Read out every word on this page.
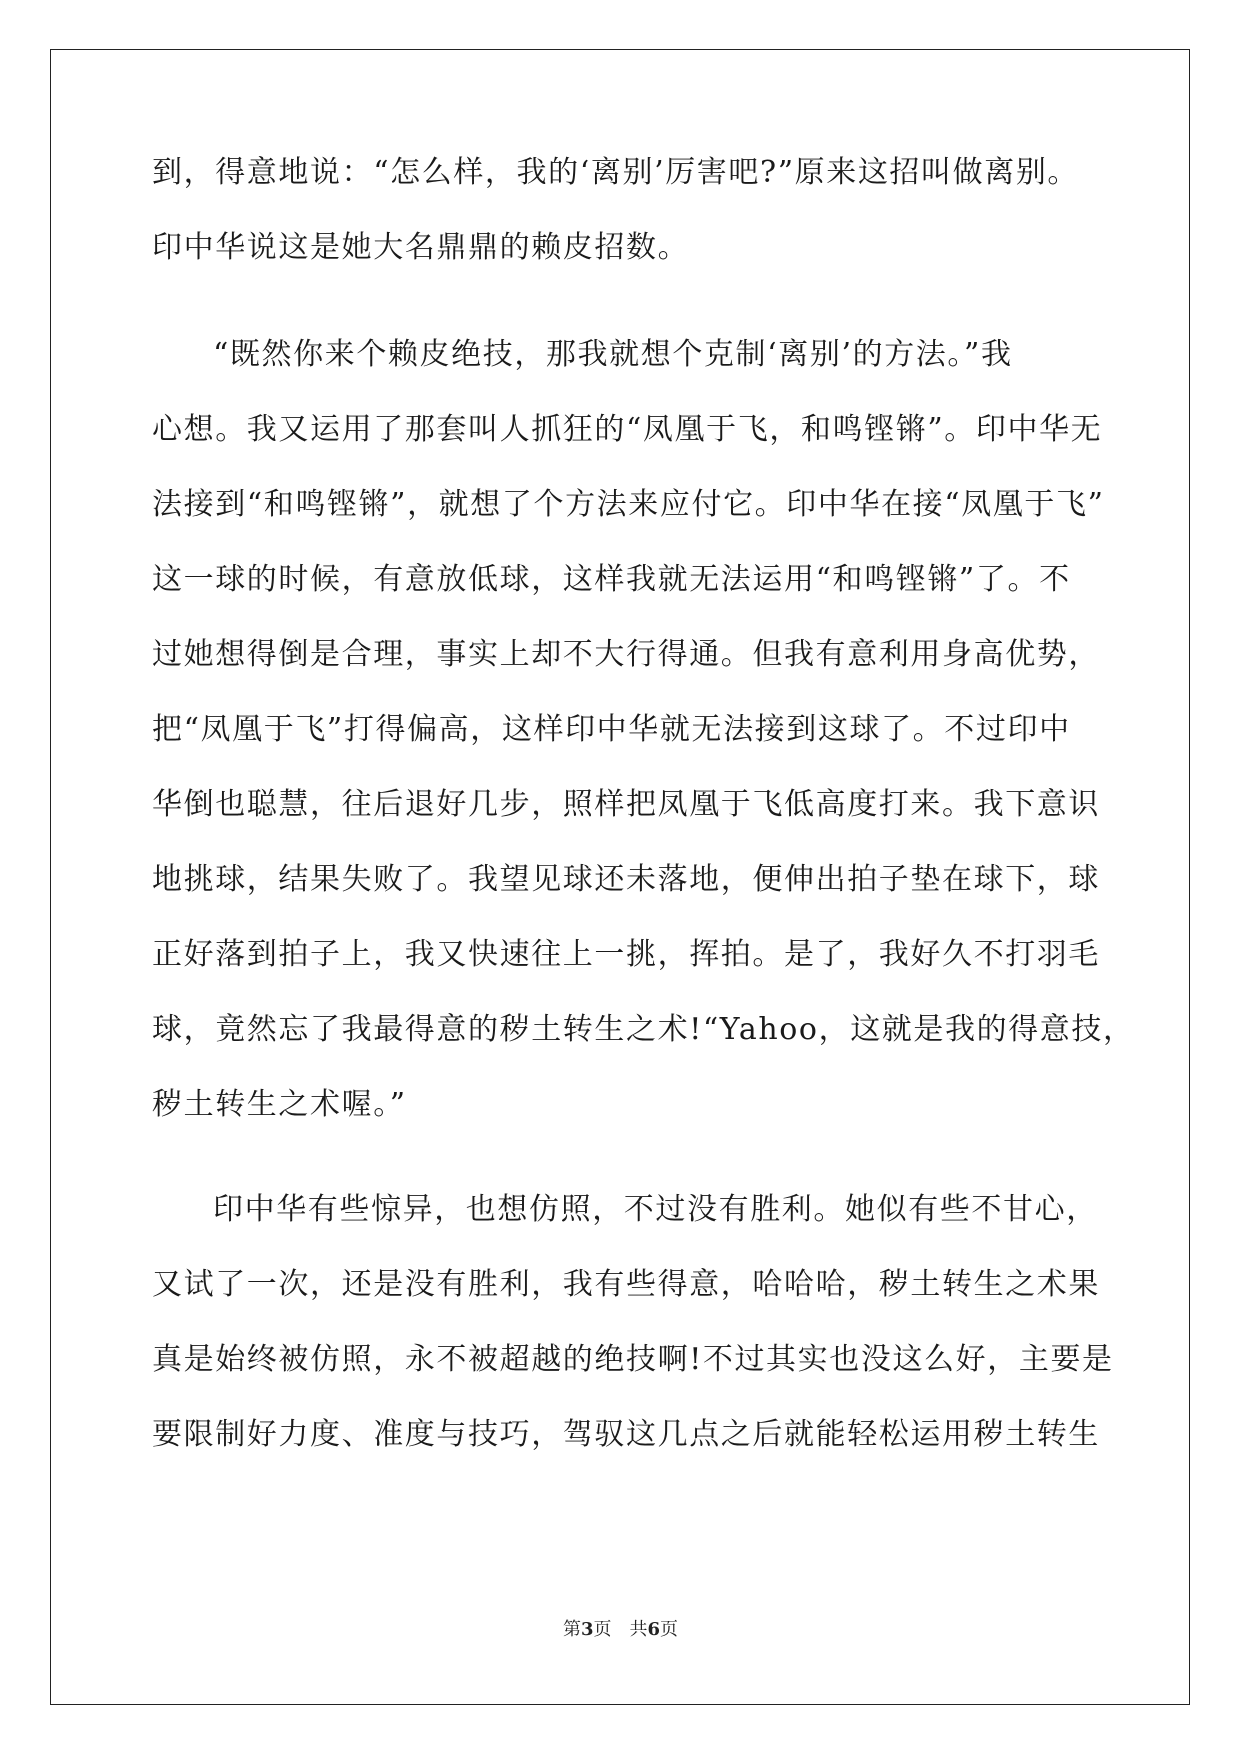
到，得意地说：“怎么样，我的‘离别’厉害吧?”原来这招叫做离别。

印中华说这是她大名鼎鼎的赖皮招数。

“既然你来个赖皮绝技，那我就想个克制‘离别’的方法。”我

心想。我又运用了那套叫人抓狂的“凤凰于飞，和鸣铿锵”。印中华无

法接到“和鸣铿锵”，就想了个方法来应付它。印中华在接“凤凰于飞”

这一球的时候，有意放低球，这样我就无法运用“和鸣铿锵”了。不

过她想得倒是合理，事实上却不大行得通。但我有意利用身高优势，

把“凤凰于飞”打得偏高，这样印中华就无法接到这球了。不过印中

华倒也聪慧，往后退好几步，照样把凤凰于飞低高度打来。我下意识

地挑球，结果失败了。我望见球还未落地，便伸出拍子垫在球下，球

正好落到拍子上，我又快速往上一挑，挥拍。是了，我好久不打羽毛

球，竟然忘了我最得意的秽土转生之术!“Yahoo，这就是我的得意技，

秽土转生之术喔。”

印中华有些惊异，也想仿照，不过没有胜利。她似有些不甘心，

又试了一次，还是没有胜利，我有些得意，哈哈哈，秽土转生之术果

真是始终被仿照，永不被超越的绝技啊!不过其实也没这么好，主要是

要限制好力度、准度与技巧，驾驭这几点之后就能轻松运用秽土转生

第3页　共6页
